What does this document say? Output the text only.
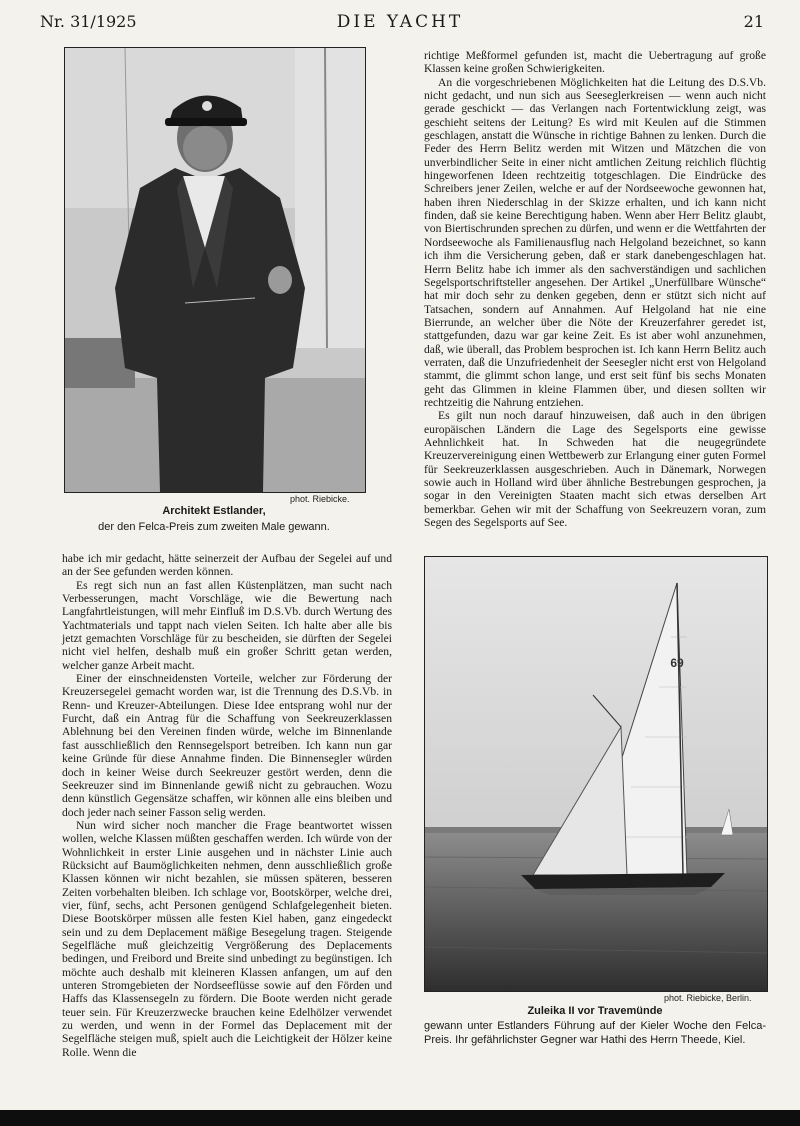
Nr. 31/1925	DIE YACHT	21
phot. Riebicke.
Architekt Estlander,
der den Felca-Preis zum zweiten Male gewann.

richtige Meßformel gefunden ist, macht die Uebertragung auf große Klassen keine großen Schwierigkeiten.

An die vorgeschriebenen Möglichkeiten hat die Leitung des D.S.Vb. nicht gedacht, und nun sich aus Seeseglerkreisen — wenn auch nicht gerade geschickt — das Verlangen nach Fortentwicklung zeigt, was geschieht seitens der Leitung? Es wird mit Keulen auf die Stimmen geschlagen, anstatt die Wünsche in richtige Bahnen zu lenken. Durch die Feder des Herrn Belitz werden mit Witzen und Mätzchen die von unverbindlicher Seite in einer nicht amtlichen Zeitung reichlich flüchtig hingeworfenen Ideen rechtzeitig totgeschlagen. Die Eindrücke des Schreibers jener Zeilen, welche er auf der Nordseewoche gewonnen hat, haben ihren Niederschlag in der Skizze erhalten, und ich kann nicht finden, daß sie keine Berechtigung haben. Wenn aber Herr Belitz glaubt, von Biertischrunden sprechen zu dürfen, und wenn er die Wettfahrten der Nordseewoche als Familienausflug nach Helgoland bezeichnet, so kann ich ihm die Versicherung geben, daß er stark danebengeschlagen hat. Herrn Belitz habe ich immer als den sachverständigen und sachlichen Segelsportschriftsteller angesehen. Der Artikel „Unerfüllbare Wünsche“ hat mir doch sehr zu denken gegeben, denn er stützt sich nicht auf Tatsachen, sondern auf Annahmen. Auf Helgoland hat nie eine Bierrunde, an welcher über die Nöte der Kreuzerfahrer geredet ist, stattgefunden, dazu war gar keine Zeit. Es ist aber wohl anzunehmen, daß, wie überall, das Problem besprochen ist. Ich kann Herrn Belitz auch verraten, daß die Unzufriedenheit der Seesegler nicht erst von Helgoland stammt, die glimmt schon lange, und erst seit fünf bis sechs Monaten geht das Glimmen in kleine Flammen über, und diesen sollten wir rechtzeitig die Nahrung entziehen.

Es gilt nun noch darauf hinzuweisen, daß auch in den übrigen europäischen Ländern die Lage des Segelsports eine gewisse Aehnlichkeit hat. In Schweden hat die neugegründete Kreuzervereinigung einen Wettbewerb zur Erlangung einer guten Formel für Seekreuzerklassen ausgeschrieben. Auch in Dänemark, Norwegen sowie auch in Holland wird über ähnliche Bestrebungen gesprochen, ja sogar in den Vereinigten Staaten macht sich etwas derselben Art bemerkbar. Gehen wir mit der Schaffung von Seekreuzern voran, zum Segen des Segelsports auf See.

habe ich mir gedacht, hätte seinerzeit der Aufbau der Segelei auf und an der See gefunden werden können.

Es regt sich nun an fast allen Küstenplätzen, man sucht nach Verbesserungen, macht Vorschläge, wie die Bewertung nach Langfahrtleistungen, will mehr Einfluß im D.S.Vb. durch Wertung des Yachtmaterials und tappt nach vielen Seiten. Ich halte aber alle bis jetzt gemachten Vorschläge für zu bescheiden, sie dürften der Segelei nicht viel helfen, deshalb muß ein großer Schritt getan werden, welcher ganze Arbeit macht.

Einer der einschneidensten Vorteile, welcher zur Förderung der Kreuzersegelei gemacht worden war, ist die Trennung des D.S.Vb. in Renn- und Kreuzer-Abteilungen. Diese Idee entsprang wohl nur der Furcht, daß ein Antrag für die Schaffung von Seekreuzerklassen Ablehnung bei den Vereinen finden würde, welche im Binnenlande fast ausschließlich den Rennsegelsport betreiben. Ich kann nun gar keine Gründe für diese Annahme finden. Die Binnensegler würden doch in keiner Weise durch Seekreuzer gestört werden, denn die Seekreuzer sind im Binnenlande gewiß nicht zu gebrauchen. Wozu denn künstlich Gegensätze schaffen, wir können alle eins bleiben und doch jeder nach seiner Fasson selig werden.

Nun wird sicher noch mancher die Frage beantwortet wissen wollen, welche Klassen müßten geschaffen werden. Ich würde von der Wohnlichkeit in erster Linie ausgehen und in nächster Linie auch Rücksicht auf Baumöglichkeiten nehmen, denn ausschließlich große Klassen können wir nicht bezahlen, sie müssen späteren, besseren Zeiten vorbehalten bleiben. Ich schlage vor, Bootskörper, welche drei, vier, fünf, sechs, acht Personen genügend Schlafgelegenheit bieten. Diese Bootskörper müssen alle festen Kiel haben, ganz eingedeckt sein und zu dem Deplacement mäßige Besegelung tragen. Steigende Segelfläche muß gleichzeitig Vergrößerung des Deplacements bedingen, und Freibord und Breite sind unbedingt zu begünstigen. Ich möchte auch deshalb mit kleineren Klassen anfangen, um auf den unteren Stromgebieten der Nordseeflüsse sowie auf den Förden und Haffs das Klassensegeln zu fördern. Die Boote werden nicht gerade teuer sein. Für Kreuzerzwecke brauchen keine Edelhölzer verwendet zu werden, und wenn in der Formel das Deplacement mit der Segelfläche steigen muß, spielt auch die Leichtigkeit der Hölzer keine Rolle. Wenn die

69
phot. Riebicke, Berlin.
Zuleika II vor Travemünde
gewann unter Estlanders Führung auf der Kieler Woche den Felca-Preis. Ihr gefährlichster Gegner war Hathi des Herrn Theede, Kiel.
